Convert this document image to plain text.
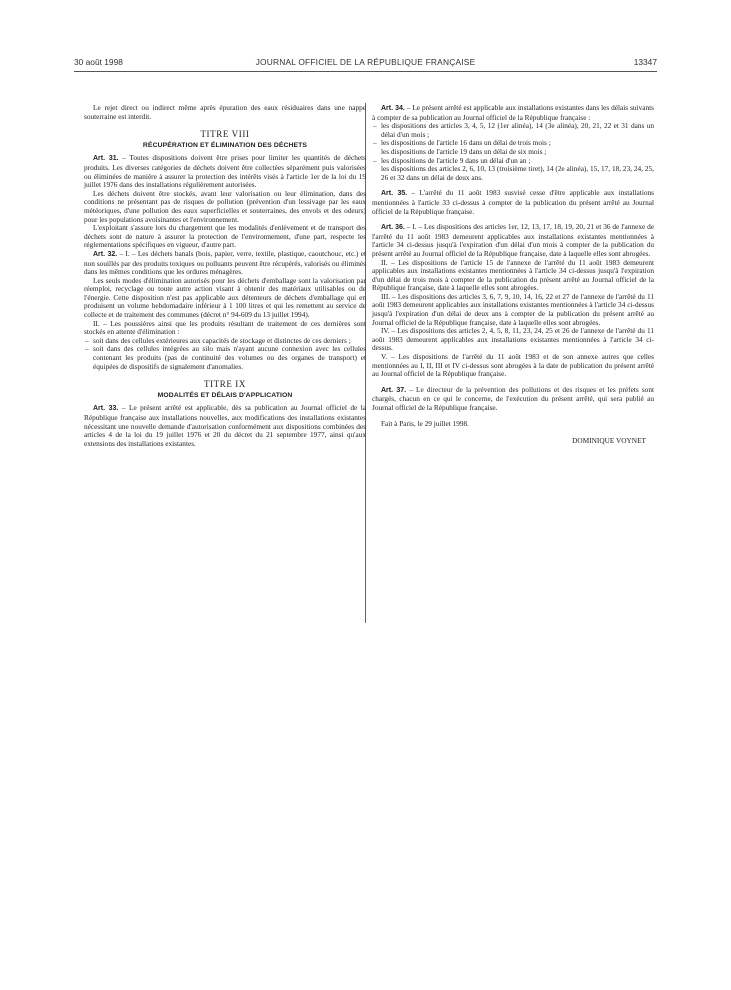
30 août 1998	JOURNAL OFFICIEL DE LA RÉPUBLIQUE FRANÇAISE	13347

Le rejet direct ou indirect même après épuration des eaux résiduaires dans une nappe souterraine est interdit.

TITRE VIII

RÉCUPÉRATION ET ÉLIMINATION DES DÉCHETS

Art. 31. – Toutes dispositions doivent être prises pour limiter les quantités de déchets produits. Les diverses catégories de déchets doivent être collectées séparément puis valorisées ou éliminées de manière à assurer la protection des intérêts visés à l'article 1er de la loi du 19 juillet 1976 dans des installations régulièrement autorisées.

Les déchets doivent être stockés, avant leur valorisation ou leur élimination, dans des conditions ne présentant pas de risques de pollution (prévention d'un lessivage par les eaux météoriques, d'une pollution des eaux superficielles et souterraines, des envols et des odeurs) pour les populations avoisinantes et l'environnement.

L'exploitant s'assure lors du chargement que les modalités d'enlèvement et de transport des déchets sont de nature à assurer la protection de l'environnement, d'une part, respecte les réglementations spécifiques en vigueur, d'autre part.

Art. 32. – I. – Les déchets banals (bois, papier, verre, textile, plastique, caoutchouc, etc.) et non souillés par des produits toxiques ou polluants peuvent être récupérés, valorisés ou éliminés dans les mêmes conditions que les ordures ménagères.

Les seuls modes d'élimination autorisés pour les déchets d'emballage sont la valorisation par réemploi, recyclage ou toute autre action visant à obtenir des matériaux utilisables ou de l'énergie. Cette disposition n'est pas applicable aux détenteurs de déchets d'emballage qui en produisent un volume hebdomadaire inférieur à 1 100 litres et qui les remettent au service de collecte et de traitement des communes (décret n° 94-609 du 13 juillet 1994).

II. – Les poussières ainsi que les produits résultant de traitement de ces dernières sont stockés en attente d'élimination :

– soit dans des cellules extérieures aux capacités de stockage et distinctes de ces derniers ;
– soit dans des cellules intégrées au silo mais n'ayant aucune connexion avec les cellules contenant les produits (pas de continuité des volumes ou des organes de transport) et équipées de dispositifs de signalement d'anomalies.

TITRE IX

MODALITÉS ET DÉLAIS D'APPLICATION

Art. 33. – Le présent arrêté est applicable, dès sa publication au Journal officiel de la République française aux installations nouvelles, aux modifications des installations existantes nécessitant une nouvelle demande d'autorisation conformément aux dispositions combinées des articles 4 de la loi du 19 juillet 1976 et 20 du décret du 21 septembre 1977, ainsi qu'aux extensions des installations existantes.

Art. 34. – Le présent arrêté est applicable aux installations existantes dans les délais suivants à compter de sa publication au Journal officiel de la République française :

– les dispositions des articles 3, 4, 5, 12 (1er alinéa), 14 (3e alinéa), 20, 21, 22 et 31 dans un délai d'un mois ;
– les dispositions de l'article 16 dans un délai de trois mois ;
les dispositions de l'article 19 dans un délai de six mois ;
– les dispositions de l'article 9 dans un délai d'un an ;
les dispositions des articles 2, 6, 10, 13 (troisième tiret), 14 (2e alinéa), 15, 17, 18, 23, 24, 25, 26 et 32 dans un délai de deux ans.

Art. 35. – L'arrêté du 11 août 1983 susvisé cesse d'être applicable aux installations mentionnées à l'article 33 ci-dessus à compter de la publication du présent arrêté au Journal officiel de la République française.

Art. 36. – I. – Les dispositions des articles 1er, 12, 13, 17, 18, 19, 20, 21 et 36 de l'annexe de l'arrêté du 11 août 1983 demeurent applicables aux installations existantes mentionnées à l'article 34 ci-dessus jusqu'à l'expiration d'un délai d'un mois à compter de la publication du présent arrêté au Journal officiel de la République française, date à laquelle elles sont abrogées.

II. – Les dispositions de l'article 15 de l'annexe de l'arrêté du 11 août 1983 demeurent applicables aux installations existantes mentionnées à l'article 34 ci-dessus jusqu'à l'expiration d'un délai de trois mois à compter de la publication du présent arrêté au Journal officiel de la République française, date à laquelle elles sont abrogées.

III. – Les dispositions des articles 3, 6, 7, 9, 10, 14, 16, 22 et 27 de l'annexe de l'arrêté du 11 août 1983 demeurent applicables aux installations existantes mentionnées à l'article 34 ci-dessus jusqu'à l'expiration d'un délai de deux ans à compter de la publication du présent arrêté au Journal officiel de la République française, date à laquelle elles sont abrogées.

IV. – Les dispositions des articles 2, 4, 5, 8, 11, 23, 24, 25 et 26 de l'annexe de l'arrêté du 11 août 1983 demeurent applicables aux installations existantes mentionnées à l'article 34 ci-dessus.

V. – Les dispositions de l'arrêté du 11 août 1983 et de son annexe autres que celles mentionnées au I, II, III et IV ci-dessus sont abrogées à la date de publication du présent arrêté au Journal officiel de la République française.

Art. 37. – Le directeur de la prévention des pollutions et des risques et les préfets sont chargés, chacun en ce qui le concerne, de l'exécution du présent arrêté, qui sera publié au Journal officiel de la République française.

Fait à Paris, le 29 juillet 1998.

DOMINIQUE VOYNET
